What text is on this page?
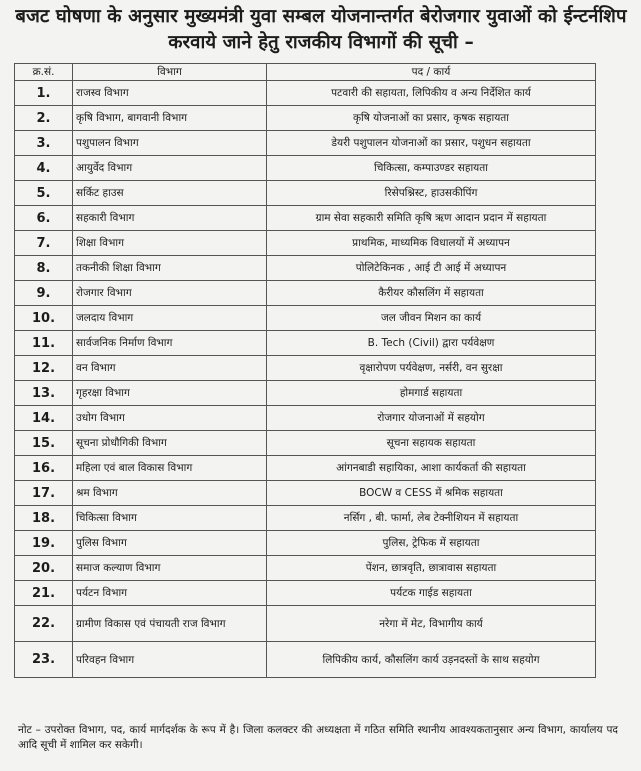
बजट घोषणा के अनुसार मुख्यमंत्री युवा सम्बल योजनान्तर्गत बेरोजगार युवाओं को ईन्टर्नशिप करवाये जाने हेतु राजकीय विभागों की सूची –
क्र.सं.	विभाग	पद / कार्य
1.	राजस्व विभाग	पटवारी की सहायता, लिपिकीय व अन्य निर्देशित कार्य
2.	कृषि विभाग, बागवानी विभाग	कृषि योजनाओं का प्रसार, कृषक सहायता
3.	पशुपालन विभाग	डेयरी पशुपालन योजनाओं का प्रसार, पशुधन सहायता
4.	आयुर्वेद विभाग	चिकित्सा, कम्पाउण्डर सहायता
5.	सर्किट हाउस	रिसेपश्निस्ट, हाउसकीपिंग
6.	सहकारी विभाग	ग्राम सेवा सहकारी समिति कृषि ऋण आदान प्रदान में सहायता
7.	शिक्षा विभाग	प्राथमिक, माध्यमिक विधालयों में अध्यापन
8.	तकनीकी शिक्षा विभाग	पोलिटेकिनक , आई टी आई में अध्यापन
9.	रोजगार विभाग	कैरीयर कौसलिंग में सहायता
10.	जलदाय विभाग	जल जीवन मिशन का कार्य
11.	सार्वजनिक निर्माण विभाग	B. Tech (Civil) द्वारा पर्यवेक्षण
12.	वन विभाग	वृक्षारोपण पर्यवेक्षण, नर्सरी, वन सुरक्षा
13.	गृहरक्षा विभाग	होमगार्ड सहायता
14.	उधोग विभाग	रोजगार योजनाओं में सहयोग
15.	सूचना प्रोधौगिकी विभाग	सूचना सहायक सहायता
16.	महिला एवं बाल विकास विभाग	आंगनबाडी सहायिका, आशा कार्यकर्ता की सहायता
17.	श्रम विभाग	BOCW व CESS में श्रमिक सहायता
18.	चिकित्सा विभाग	नर्सिग , बी. फार्मा, लेब टेक्नीशियन में सहायता
19.	पुलिस विभाग	पुलिस, ट्रेफिक में सहायता
20.	समाज कल्याण विभाग	पेंशन, छात्रवृति, छात्रावास सहायता
21.	पर्यटन विभाग	पर्यटक गाईड सहायता
22.	ग्रामीण विकास एवं पंचायती राज विभाग	नरेगा में मेट, विभागीय कार्य
23.	परिवहन विभाग	लिपिकीय कार्य, कौसलिंग कार्य उड़नदस्तों के साथ सहयोग
नोट – उपरोक्त विभाग, पद, कार्य मार्गदर्शक के रूप में है। जिला कलक्टर की अध्यक्षता में गठित समिति स्थानीय आवश्यकतानुसार अन्य विभाग, कार्यालय पद आदि सूची में शामिल कर सकेगी।
